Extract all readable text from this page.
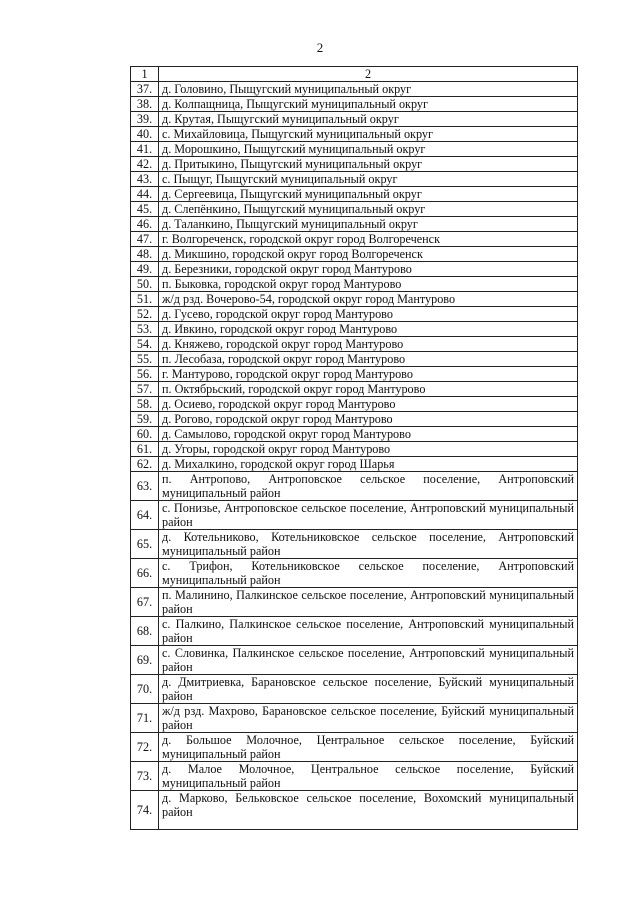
2
1	2
37.	д. Головино, Пыщугский муниципальный округ
38.	д. Колпащница, Пыщугский муниципальный округ
39.	д. Крутая, Пыщугский муниципальный округ
40.	с. Михайловица, Пыщугский муниципальный округ
41.	д. Морошкино, Пыщугский муниципальный округ
42.	д. Притыкино, Пыщугский муниципальный округ
43.	с. Пыщуг, Пыщугский муниципальный округ
44.	д. Сергеевица, Пыщугский муниципальный округ
45.	д. Слепёнкино, Пыщугский муниципальный округ
46.	д. Таланкино, Пыщугский муниципальный округ
47.	г. Волгореченск, городской округ город Волгореченск
48.	д. Микшино, городской округ город Волгореченск
49.	д. Березники, городской округ город Мантурово
50.	п. Быковка, городской округ город Мантурово
51.	ж/д рзд. Вочерово-54, городской округ город Мантурово
52.	д. Гусево, городской округ город Мантурово
53.	д. Ивкино, городской округ город Мантурово
54.	д. Княжево, городской округ город Мантурово
55.	п. Лесобаза, городской округ город Мантурово
56.	г. Мантурово, городской округ город Мантурово
57.	п. Октябрьский, городской округ город Мантурово
58.	д. Осиево, городской округ город Мантурово
59.	д. Рогово, городской округ город Мантурово
60.	д. Самылово, городской округ город Мантурово
61.	д. Угоры, городской округ город Мантурово
62.	д. Михалкино, городской округ город Шарья
63.	п. Антропово, Антроповское сельское поселение, Антроповский муниципальный район
64.	с. Понизье, Антроповское сельское поселение, Антроповский муниципальный район
65.	д. Котельниково, Котельниковское сельское поселение, Антроповский муниципальный район
66.	с. Трифон, Котельниковское сельское поселение, Антроповский муниципальный район
67.	п. Малинино, Палкинское сельское поселение, Антроповский муниципальный район
68.	с. Палкино, Палкинское сельское поселение, Антроповский муниципальный район
69.	с. Словинка, Палкинское сельское поселение, Антроповский муниципальный район
70.	д. Дмитриевка, Барановское сельское поселение, Буйский муниципальный район
71.	ж/д рзд. Махрово, Барановское сельское поселение, Буйский муниципальный район
72.	д. Большое Молочное, Центральное сельское поселение, Буйский муниципальный район
73.	д. Малое Молочное, Центральное сельское поселение, Буйский муниципальный район
74.	д. Марково, Бельковское сельское поселение, Вохомский муниципальный район
